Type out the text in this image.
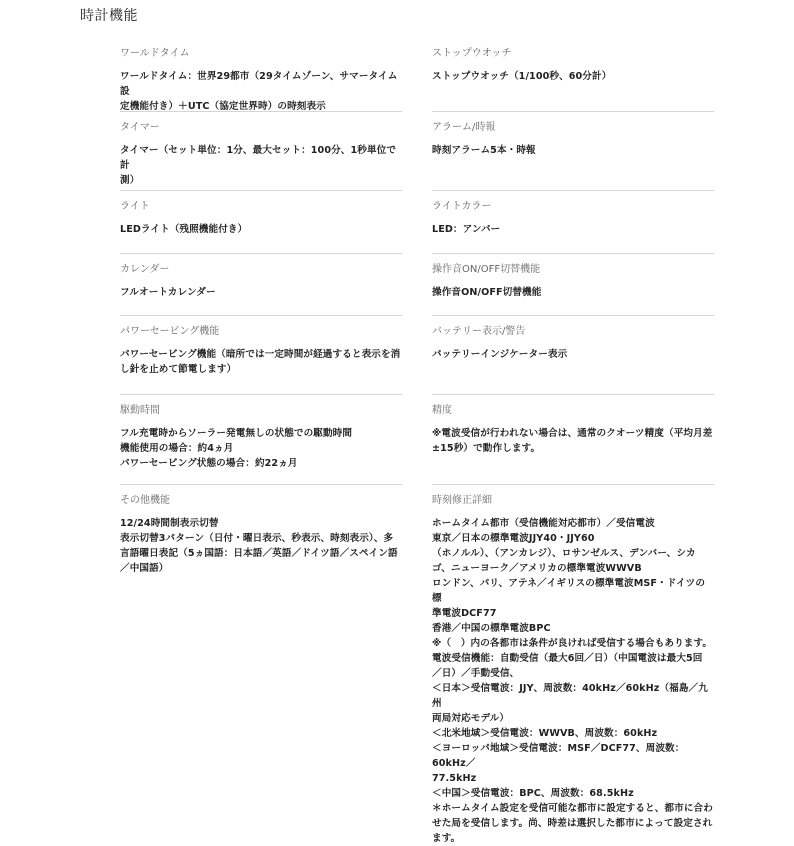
時計機能
ワールドタイム
ワールドタイム：世界29都市（29タイムゾーン、サマータイム設
定機能付き）＋UTC（協定世界時）の時刻表示
タイマー
タイマー（セット単位：1分、最大セット：100分、1秒単位で計
測）
ライト
LEDライト（残照機能付き）
カレンダー
フルオートカレンダー
パワーセービング機能
パワーセービング機能（暗所では一定時間が経過すると表示を消
し針を止めて節電します）
駆動時間
フル充電時からソーラー発電無しの状態での駆動時間
機能使用の場合：約4ヵ月
パワーセービング状態の場合：約22ヵ月
その他機能
12/24時間制表示切替
表示切替3パターン（日付・曜日表示、秒表示、時刻表示）、多
言語曜日表記（5ヵ国語：日本語／英語／ドイツ語／スペイン語
／中国語）
ストップウオッチ
ストップウオッチ（1/100秒、60分計）
アラーム/時報
時刻アラーム5本・時報
ライトカラー
LED：アンバー
操作音ON/OFF切替機能
操作音ON/OFF切替機能
バッテリー表示/警告
バッテリーインジケーター表示
精度
※電波受信が行われない場合は、通常のクオーツ精度（平均月差
±15秒）で動作します。
時刻修正詳細
ホームタイム都市（受信機能対応都市）／受信電波
東京／日本の標準電波JJY40・JJY60
（ホノルル）、（アンカレジ）、ロサンゼルス、デンバー、シカ
ゴ、ニューヨーク／アメリカの標準電波WWVB
ロンドン、パリ、アテネ／イギリスの標準電波MSF・ドイツの標
準電波DCF77
香港／中国の標準電波BPC
※（　）内の各都市は条件が良ければ受信する場合もあります。
電波受信機能：自動受信（最大6回／日）（中国電波は最大5回
／日）／手動受信、
＜日本＞受信電波：JJY、周波数：40kHz／60kHz（福島／九州
両局対応モデル）
＜北米地域＞受信電波：WWVB、周波数：60kHz
＜ヨーロッパ地域＞受信電波：MSF／DCF77、周波数：60kHz／
77.5kHz
＜中国＞受信電波：BPC、周波数：68.5kHz
＊ホームタイム設定を受信可能な都市に設定すると、都市に合わ
せた局を受信します。尚、時差は選択した都市によって設定され
ます。
